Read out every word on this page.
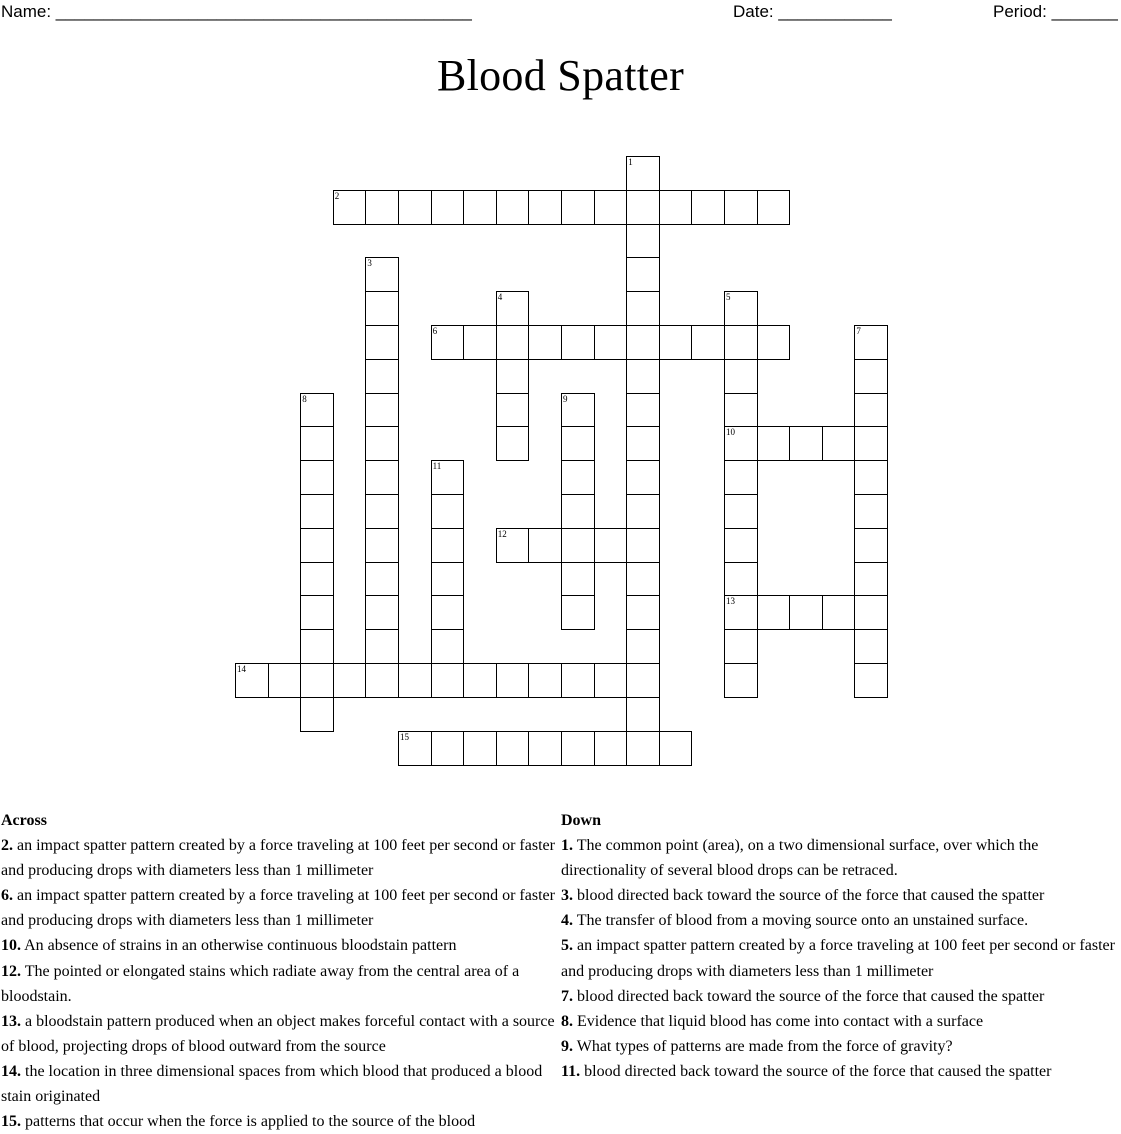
Name: ____________________________________________	Date: ____________	Period: _______
Blood Spatter
1
2
3
4	5
6	7
8	9
10
11
12
13
14
15
Across
2. an impact spatter pattern created by a force traveling at 100 feet per second or faster and producing drops with diameters less than 1 millimeter
6. an impact spatter pattern created by a force traveling at 100 feet per second or faster and producing drops with diameters less than 1 millimeter
10. An absence of strains in an otherwise continuous bloodstain pattern
12. The pointed or elongated stains which radiate away from the central area of a bloodstain.
13. a bloodstain pattern produced when an object makes forceful contact with a source of blood, projecting drops of blood outward from the source
14. the location in three dimensional spaces from which blood that produced a blood stain originated
15. patterns that occur when the force is applied to the source of the blood
Down
1. The common point (area), on a two dimensional surface, over which the directionality of several blood drops can be retraced.
3. blood directed back toward the source of the force that caused the spatter
4. The transfer of blood from a moving source onto an unstained surface.
5. an impact spatter pattern created by a force traveling at 100 feet per second or faster and producing drops with diameters less than 1 millimeter
7. blood directed back toward the source of the force that caused the spatter
8. Evidence that liquid blood has come into contact with a surface
9. What types of patterns are made from the force of gravity?
11. blood directed back toward the source of the force that caused the spatter
